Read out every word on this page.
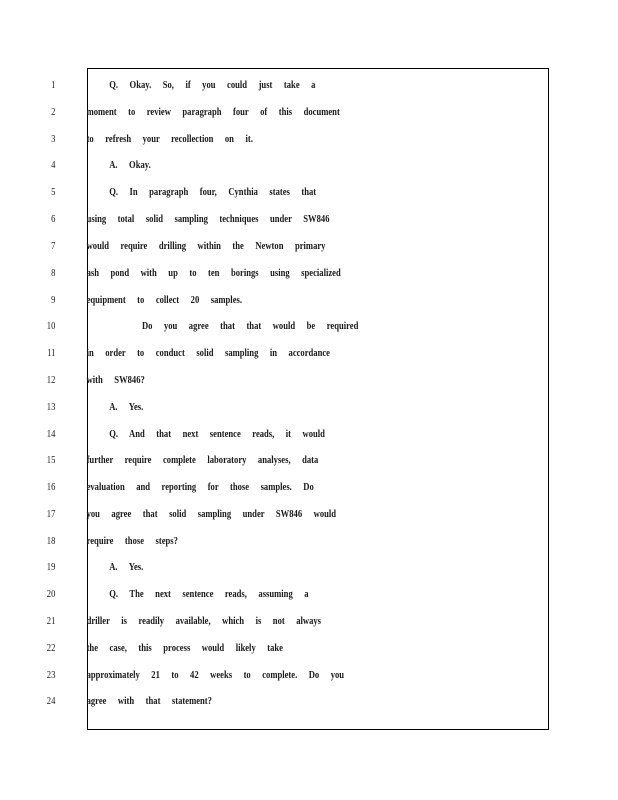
1	Q. Okay. So, if you could just take a
2	moment to review paragraph four of this document
3	to refresh your recollection on it.
4	A. Okay.
5	Q. In paragraph four, Cynthia states that
6	using total solid sampling techniques under SW846
7	would require drilling within the Newton primary
8	ash pond with up to ten borings using specialized
9	equipment to collect 20 samples.
10	Do you agree that that would be required
11	in order to conduct solid sampling in accordance
12	with SW846?
13	A. Yes.
14	Q. And that next sentence reads, it would
15	further require complete laboratory analyses, data
16	evaluation and reporting for those samples. Do
17	you agree that solid sampling under SW846 would
18	require those steps?
19	A. Yes.
20	Q. The next sentence reads, assuming a
21	driller is readily available, which is not always
22	the case, this process would likely take
23	approximately 21 to 42 weeks to complete. Do you
24	agree with that statement?
